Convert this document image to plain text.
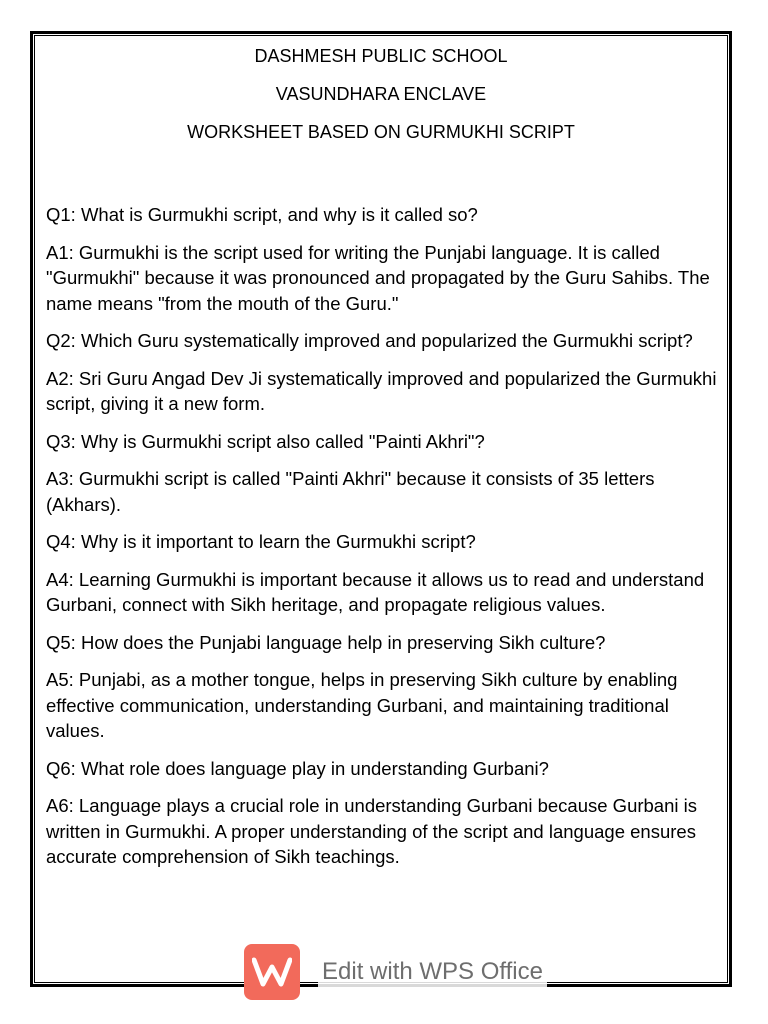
DASHMESH PUBLIC SCHOOL
VASUNDHARA ENCLAVE
WORKSHEET BASED ON GURMUKHI SCRIPT

Q1: What is Gurmukhi script, and why is it called so?

A1: Gurmukhi is the script used for writing the Punjabi language. It is called "Gurmukhi" because it was pronounced and propagated by the Guru Sahibs. The name means "from the mouth of the Guru."

Q2: Which Guru systematically improved and popularized the Gurmukhi script?

A2: Sri Guru Angad Dev Ji systematically improved and popularized the Gurmukhi script, giving it a new form.

Q3: Why is Gurmukhi script also called "Painti Akhri"?

A3: Gurmukhi script is called "Painti Akhri" because it consists of 35 letters (Akhars).

Q4: Why is it important to learn the Gurmukhi script?

A4: Learning Gurmukhi is important because it allows us to read and understand Gurbani, connect with Sikh heritage, and propagate religious values.

Q5: How does the Punjabi language help in preserving Sikh culture?

A5: Punjabi, as a mother tongue, helps in preserving Sikh culture by enabling effective communication, understanding Gurbani, and maintaining traditional values.

Q6: What role does language play in understanding Gurbani?

A6: Language plays a crucial role in understanding Gurbani because Gurbani is written in Gurmukhi. A proper understanding of the script and language ensures accurate comprehension of Sikh teachings.

Edit with WPS Office
